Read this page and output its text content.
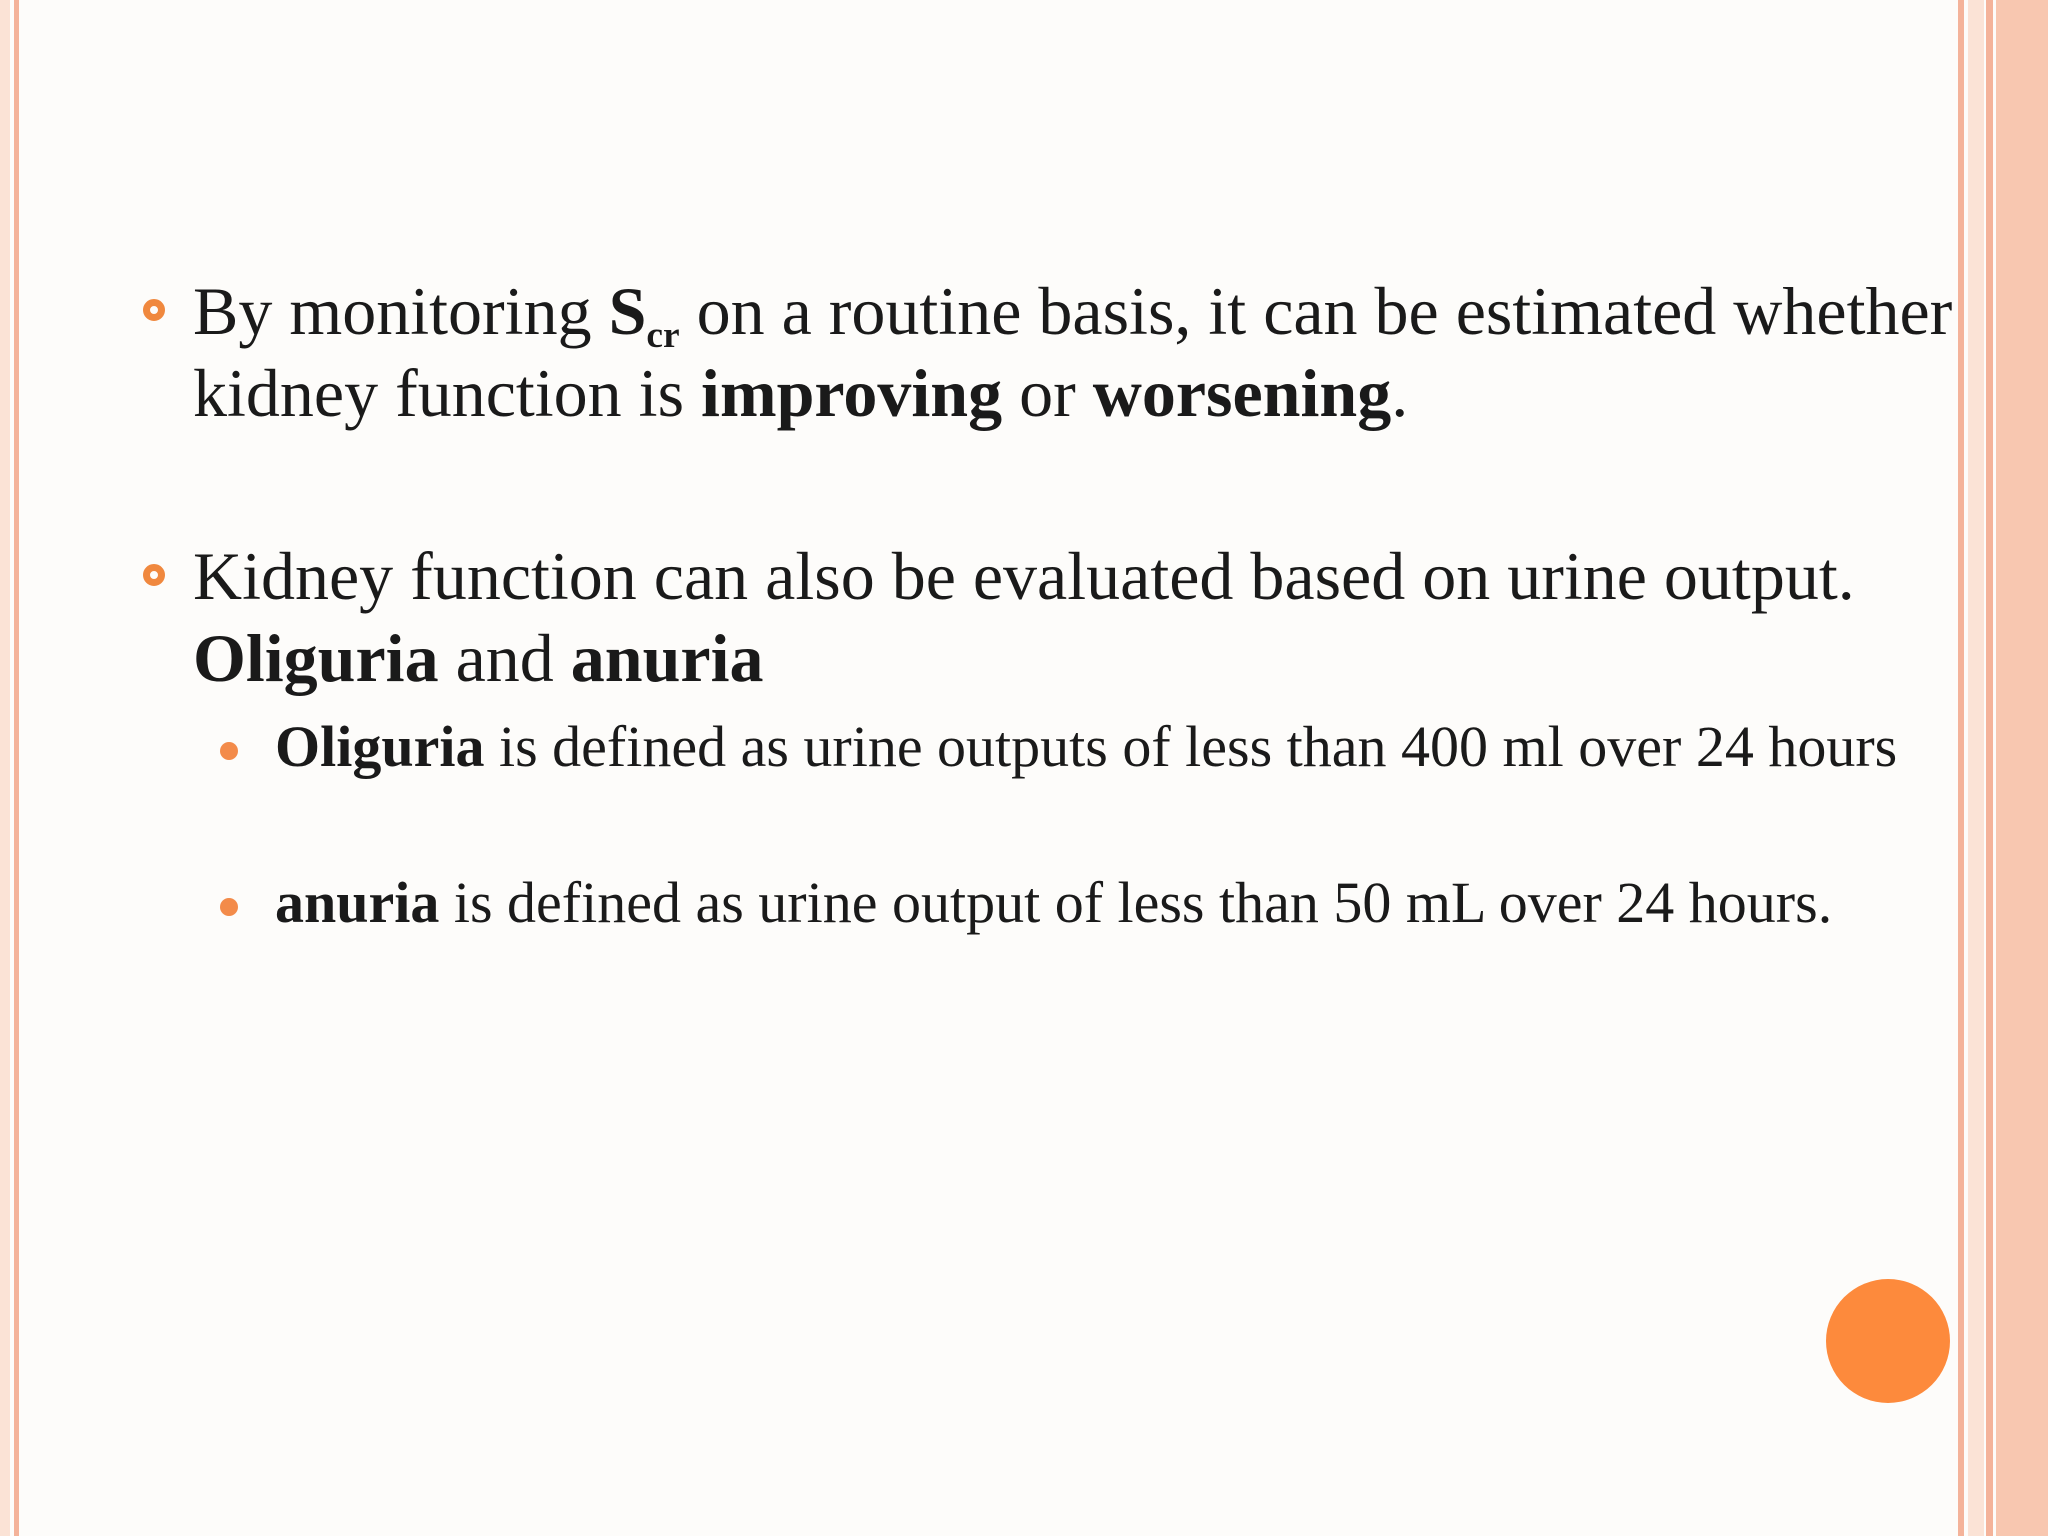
By monitoring $S_{cr}$ on a routine basis, it can be estimated whether kidney function is improving or worsening.
Kidney function can also be evaluated based on urine output. Oliguria and anuria
Oliguria is defined as urine outputs of less than 400 ml over 24 hours
anuria is defined as urine output of less than 50 mL over 24 hours.
